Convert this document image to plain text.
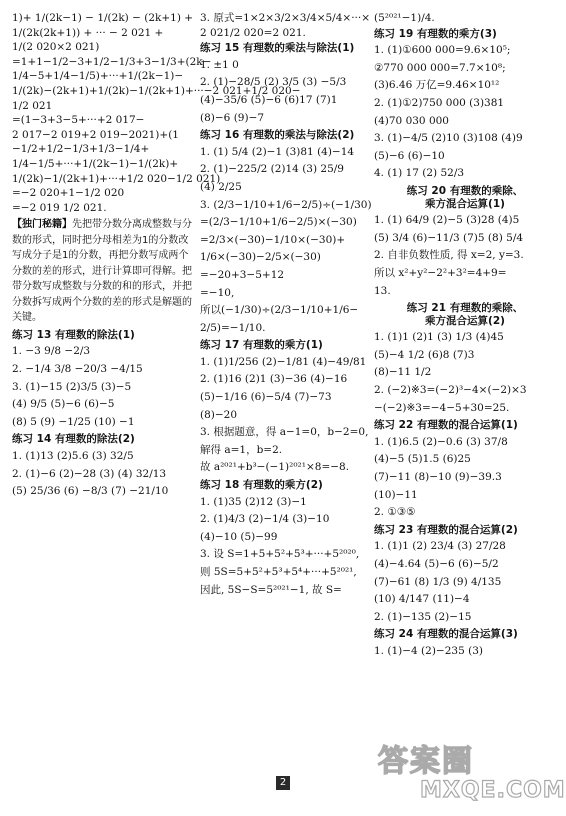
1)+ 1/(2k−1) − 1/(2k) − (2k+1) +
1/(2k(2k+1)) + ··· − 2 021 +
1/(2 020×2 021)
=1+1−1/2−3+1/2−1/3+3−1/3+(2k−
1/4−5+1/4−1/5)+···+1/(2k−1)−
1/(2k)−(2k+1)+1/(2k)−1/(2k+1)+···−2 021+1/2 020−
1/2 021
=(1−3+3−5+···+2 017−
2 017−2 019+2 019−2021)+(1
−1/2+1/2−1/3+1/3−1/4+
1/4−1/5+···+1/(2k−1)−1/(2k)+
1/(2k)−1/(2k+1)+···+1/2 020−1/2 021)
=−2 020+1−1/2 020
=−2 019 1/2 021.
【独门秘籍】先把带分数分离成整数与分数的形式，同时把分母相差为1的分数改写成分子是1的分数，再把分数写成两个分数的差的形式，进行计算即可得解。把带分数写成整数与分数的和的形式，并把分数拆写成两个分数的差的形式是解题的关键。
练习 13 有理数的除法(1)
1. −3 9/8 −2/3
2. −1/4 3/8 −20/3 −4/15
3. (1)−15 (2)3/5 (3)−5
(4) 9/5 (5)−6 (6)−5
(8) 5 (9) −1/25 (10) −1
练习 14 有理数的除法(2)
1. (1)13 (2)5.6 (3) 32/5
2. (1)−6 (2)−28 (3) (4) 32/13
(5) 25/36 (6) −8/3 (7) −21/10
3. 原式=1×2×3/2×3/4×5/4×···×
2 021/2 020=2 021.
练习 15 有理数的乘法与除法(1)
1. ±1 0
2. (1)−28/5 (2) 3/5 (3) −5/3
(4)−35/6 (5)−6 (6)17 (7)1
(8)−6 (9)−7
练习 16 有理数的乘法与除法(2)
1. (1) 5/4 (2)−1 (3)81 (4)−14
2. (1)−225/2 (2)14 (3) 25/9
(4) 2/25
3. (2/3−1/10+1/6−2/5)÷(−1/30)
=(2/3−1/10+1/6−2/5)×(−30)
=2/3×(−30)−1/10×(−30)+
1/6×(−30)−2/5×(−30)
=−20+3−5+12
=−10,
所以(−1/30)÷(2/3−1/10+1/6−
2/5)=−1/10.
练习 17 有理数的乘方(1)
1. (1)1/256 (2)−1/81 (4)−49/81
2. (1)16 (2)1 (3)−36 (4)−16
(5)−1/16 (6)−5/4 (7)−73
(8)−20
3. 根据题意，得 a−1=0，b−2=0,
解得 a=1，b=2.
故 a²⁰²¹+b³−(−1)²⁰²¹×8=−8.
练习 18 有理数的乘方(2)
1. (1)35 (2)12 (3)−1
2. (1)4/3 (2)−1/4 (3)−10
(4)−10 (5)−99
3. 设 S=1+5+5²+5³+···+5²⁰²⁰,
则 5S=5+5²+5³+5⁴+···+5²⁰²¹,
因此, 5S−S=5²⁰²¹−1, 故 S=
(5²⁰²¹−1)/4.
练习 19 有理数的乘方(3)
1. (1)①600 000=9.6×10⁵;
②770 000 000=7.7×10⁸;
(3)6.46 万亿=9.46×10¹²
2. (1)①2)750 000 (3)381
(4)70 030 000
3. (1)−4/5 (2)10 (3)108 (4)9
(5)−6 (6)−10
4. (1) 17 (2) 52/3
练习 20 有理数的乘除、
乘方混合运算(1)
1. (1) 64/9 (2)−5 (3)28 (4)5
(5) 3/4 (6)−11/3 (7)5 (8) 5/4
2. 自非负数性质, 得 x=2, y=3.
所以 x²+y²−2²+3²=4+9=
13.
练习 21 有理数的乘除、
乘方混合运算(2)
1. (1)1 (2)1 (3) 1/3 (4)45
(5)−4 1/2 (6)8 (7)3
(8)−11 1/2
2. (−2)※3=(−2)³−4×(−2)×3
−(−2)※3=−4−5+30=25.
练习 22 有理数的混合运算(1)
1. (1)6.5 (2)−0.6 (3) 37/8
(4)−5 (5)1.5 (6)25
(7)−11 (8)−10 (9)−39.3
(10)−11
2. ①③⑤
练习 23 有理数的混合运算(2)
1. (1)1 (2) 23/4 (3) 27/28
(4)−4.64 (5)−6 (6)−5/2
(7)−61 (8) 1/3 (9) 4/135
(10) 4/147 (11)−4
2. (1)−135 (2)−15
练习 24 有理数的混合运算(3)
1. (1)−4 (2)−235 (3)
2
答案圈
MXQE.COM
